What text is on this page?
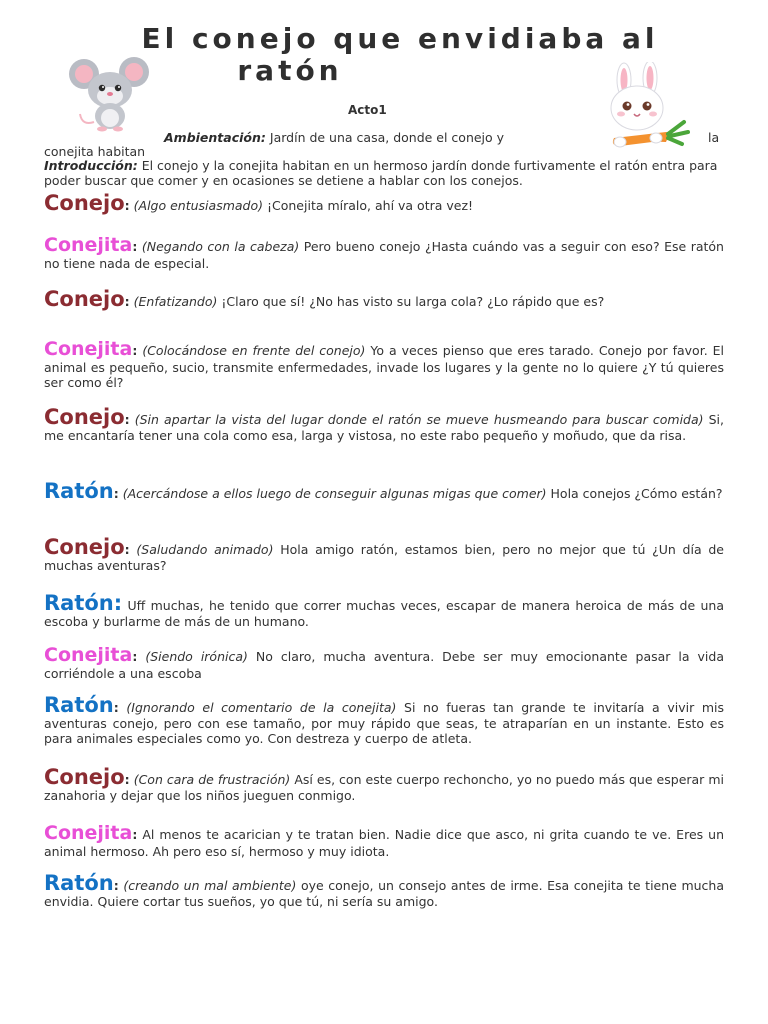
El conejo que envidiaba al
ratón
Acto1
Ambientación: Jardín de una casa, donde el conejo y	la
conejita habitan
Introducción: El conejo y la conejita habitan en un hermoso jardín donde furtivamente el ratón entra para poder buscar que comer y en ocasiones se detiene a hablar con los conejos.

Conejo: (Algo entusiasmado) ¡Conejita míralo, ahí va otra vez!

Conejita: (Negando con la cabeza) Pero bueno conejo ¿Hasta cuándo vas a seguir con eso? Ese ratón no tiene nada de especial.

Conejo: (Enfatizando) ¡Claro que sí! ¿No has visto su larga cola? ¿Lo rápido que es?

Conejita: (Colocándose en frente del conejo) Yo a veces pienso que eres tarado. Conejo por favor. El animal es pequeño, sucio, transmite enfermedades, invade los lugares y la gente no lo quiere ¿Y tú quieres ser como él?

Conejo: (Sin apartar la vista del lugar donde el ratón se mueve husmeando para buscar comida) Si, me encantaría tener una cola como esa, larga y vistosa, no este rabo pequeño y moñudo, que da risa.

Ratón: (Acercándose a ellos luego de conseguir algunas migas que comer) Hola conejos ¿Cómo están?

Conejo: (Saludando animado) Hola amigo ratón, estamos bien, pero no mejor que tú ¿Un día de muchas aventuras?

Ratón: Uff muchas, he tenido que correr muchas veces, escapar de manera heroica de más de una escoba y burlarme de más de un humano.

Conejita: (Siendo irónica) No claro, mucha aventura. Debe ser muy emocionante pasar la vida corriéndole a una escoba

Ratón: (Ignorando el comentario de la conejita) Si no fueras tan grande te invitaría a vivir mis aventuras conejo, pero con ese tamaño, por muy rápido que seas, te atraparían en un instante. Esto es para animales especiales como yo. Con destreza y cuerpo de atleta.

Conejo: (Con cara de frustración) Así es, con este cuerpo rechoncho, yo no puedo más que esperar mi zanahoria y dejar que los niños jueguen conmigo.

Conejita: Al menos te acarician y te tratan bien. Nadie dice que asco, ni grita cuando te ve. Eres un animal hermoso. Ah pero eso sí, hermoso y muy idiota.

Ratón: (creando un mal ambiente) oye conejo, un consejo antes de irme. Esa conejita te tiene mucha envidia. Quiere cortar tus sueños, yo que tú, ni sería su amigo.
